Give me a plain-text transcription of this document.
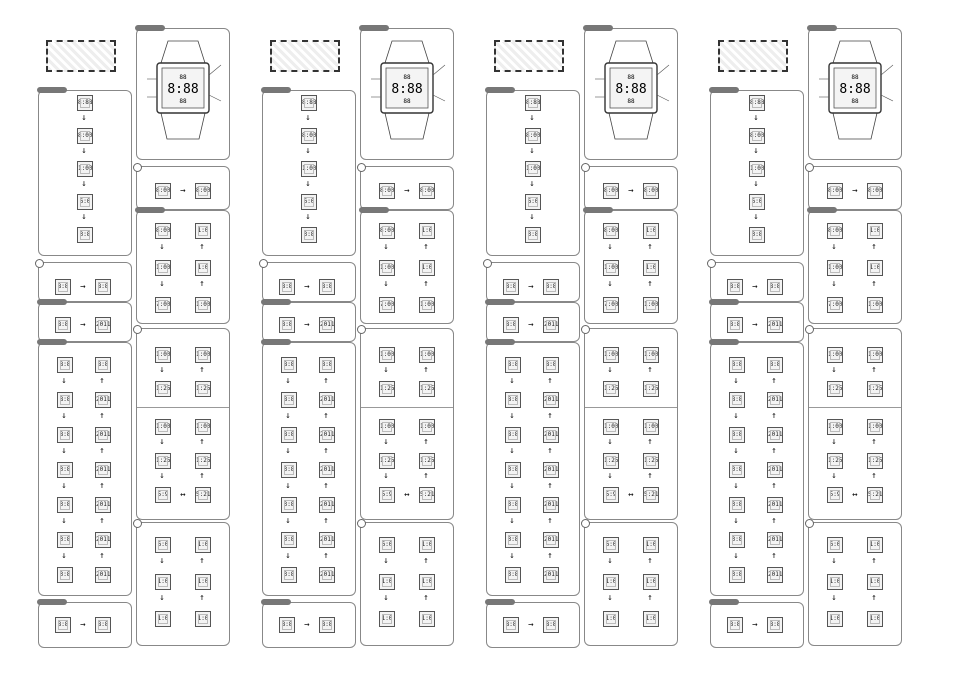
8:88
↓
8:00
↓
1:00
↓
6:0
↓
3:8
8:8	→	8:8
8:8	→	2011
8:8	8:8
↓	↑
8:8	2011
↓	↑
8:8	2011
↓	↑
3:8	2011
↓	↑
3:8	2011
↓	↑
3:8	2011
↓	↑
3:8	2011
8:8	→	8:8
88
8:88
88
8:00	→	8:00
8:00	1:0
↓	↑
1:00	1:0
↓	↑
7:00	1:00
1:00	1:00
1:25	1:25
↓	↑
1:00	1:00
↓	↑
1:25	1:25
↓	↑
5:9	5:21
↔
6:0	1:0
↓	↑
1:0	1:0
↓	↑
1:0	1:0
8:88
↓
8:00
↓
1:00
↓
6:0
↓
3:8
8:8	→	8:8
8:8	→	2011
8:8	8:8
↓	↑
8:8	2011
↓	↑
8:8	2011
↓	↑
3:8	2011
↓	↑
3:8	2011
↓	↑
3:8	2011
↓	↑
3:8	2011
8:8	→	8:8
88
8:88
88
8:00	→	8:00
8:00	1:0
↓	↑
1:00	1:0
↓	↑
7:00	1:00
1:00	1:00
1:25	1:25
↓	↑
1:00	1:00
↓	↑
1:25	1:25
↓	↑
5:9	5:21
↔
6:0	1:0
↓	↑
1:0	1:0
↓	↑
1:0	1:0
8:88
↓
8:00
↓
1:00
↓
6:0
↓
3:8
8:8	→	8:8
8:8	→	2011
8:8	8:8
↓	↑
8:8	2011
↓	↑
8:8	2011
↓	↑
3:8	2011
↓	↑
3:8	2011
↓	↑
3:8	2011
↓	↑
3:8	2011
8:8	→	8:8
88
8:88
88
8:00	→	8:00
8:00	1:0
↓	↑
1:00	1:0
↓	↑
7:00	1:00
1:00	1:00
1:25	1:25
↓	↑
1:00	1:00
↓	↑
1:25	1:25
↓	↑
5:9	5:21
↔
6:0	1:0
↓	↑
1:0	1:0
↓	↑
1:0	1:0
8:88
↓
8:00
↓
1:00
↓
6:0
↓
3:8
8:8	→	8:8
8:8	→	2011
8:8	8:8
↓	↑
8:8	2011
↓	↑
8:8	2011
↓	↑
3:8	2011
↓	↑
3:8	2011
↓	↑
3:8	2011
↓	↑
3:8	2011
8:8	→	8:8
88
8:88
88
8:00	→	8:00
8:00	1:0
↓	↑
1:00	1:0
↓	↑
7:00	1:00
1:00	1:00
1:25	1:25
↓	↑
1:00	1:00
↓	↑
1:25	1:25
↓	↑
5:9	5:21
↔
6:0	1:0
↓	↑
1:0	1:0
↓	↑
1:0	1:0
